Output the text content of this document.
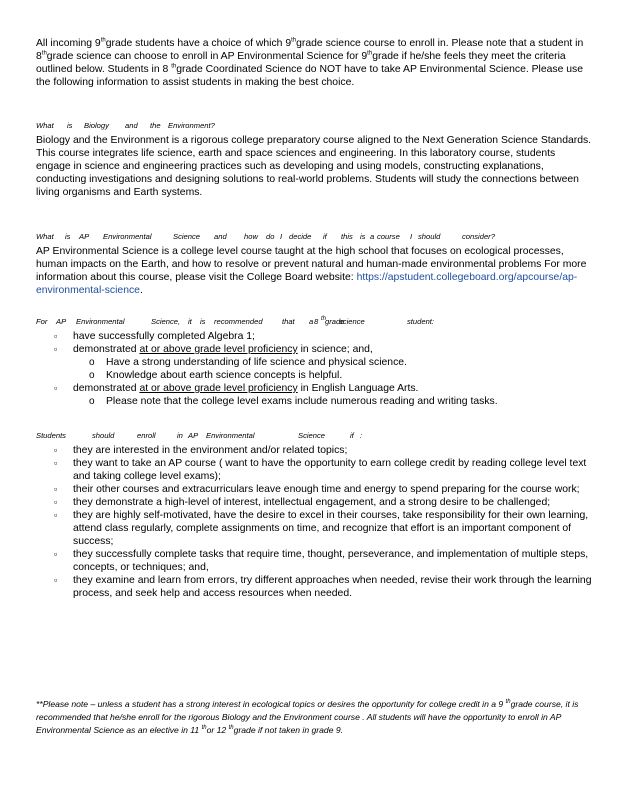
All incoming 9thgrade students have a choice of which 9thgrade science course to enroll in. Please note that a student in 8thgrade science can choose to enroll in AP Environmental Science for 9thgrade if he/she feels they meet the criteria outlined below. Students in 8 $^{th}$grade Coordinated Science do NOT have to take AP Environmental Science. Please use the following information to assist students in making the best choice.

What is Biology and the Environment?

Biology and the Environment is a rigorous college preparatory course aligned to the Next Generation Science Standards. This course integrates life science, earth and space sciences and engineering. In this laboratory course, students engage in science and engineering practices such as developing and using models, constructing explanations, conducting investigations and designing solutions to real-world problems. Students will study the connections between living organisms and Earth systems.

What is AP Environmental	Science and how do I decide if this is a course I should	consider?

AP Environmental Science is a college level course taught at the high school that focuses on ecological processes, human impacts on the Earth, and how to resolve or prevent natural and human-made environmental problems For more information about this course, please visit the College Board website: https://apstudent.collegeboard.org/apcourse/ap-environmental-science.

For AP Environmental	Science, it is recommended	that a8 $^{th}$gradescience	student:

▫ have successfully completed Algebra 1;
▫ demonstrated at or above grade level proficiency in science; and,
o Have a strong understanding of life science and physical science.
o Knowledge about earth science concepts is helpful.
▫ demonstrated at or above grade level proficiency in English Language Arts.
o Please note that the college level exams include numerous reading and writing tasks.

Students	should	enroll	in AP Environmental	Science	if :

▫ they are interested in the environment and/or related topics;
▫ they want to take an AP course ( want to have the opportunity to earn college credit by reading college level text and taking college level exams);
▫ their other courses and extracurriculars leave enough time and energy to spend preparing for the course work;
▫ they demonstrate a high-level of interest, intellectual engagement, and a strong desire to be challenged;
▫ they are highly self-motivated, have the desire to excel in their courses, take responsibility for their own learning, attend class regularly, complete assignments on time, and recognize that effort is an important component of success;
▫ they successfully complete tasks that require time, thought, perseverance, and implementation of multiple steps, concepts, or techniques; and,
▫ they examine and learn from errors, try different approaches when needed, revise their work through the learning process, and seek help and access resources when needed.

**Please note – unless a student has a strong interest in ecological topics or desires the opportunity for college credit in a 9 $^{th}$grade course, it is recommended that he/she enroll for the rigorous Biology and the Environment course . All students will have the opportunity to enroll in AP Environmental Science as an elective in 11 $^{th}$or 12 $^{th}$grade if not taken in grade 9.
